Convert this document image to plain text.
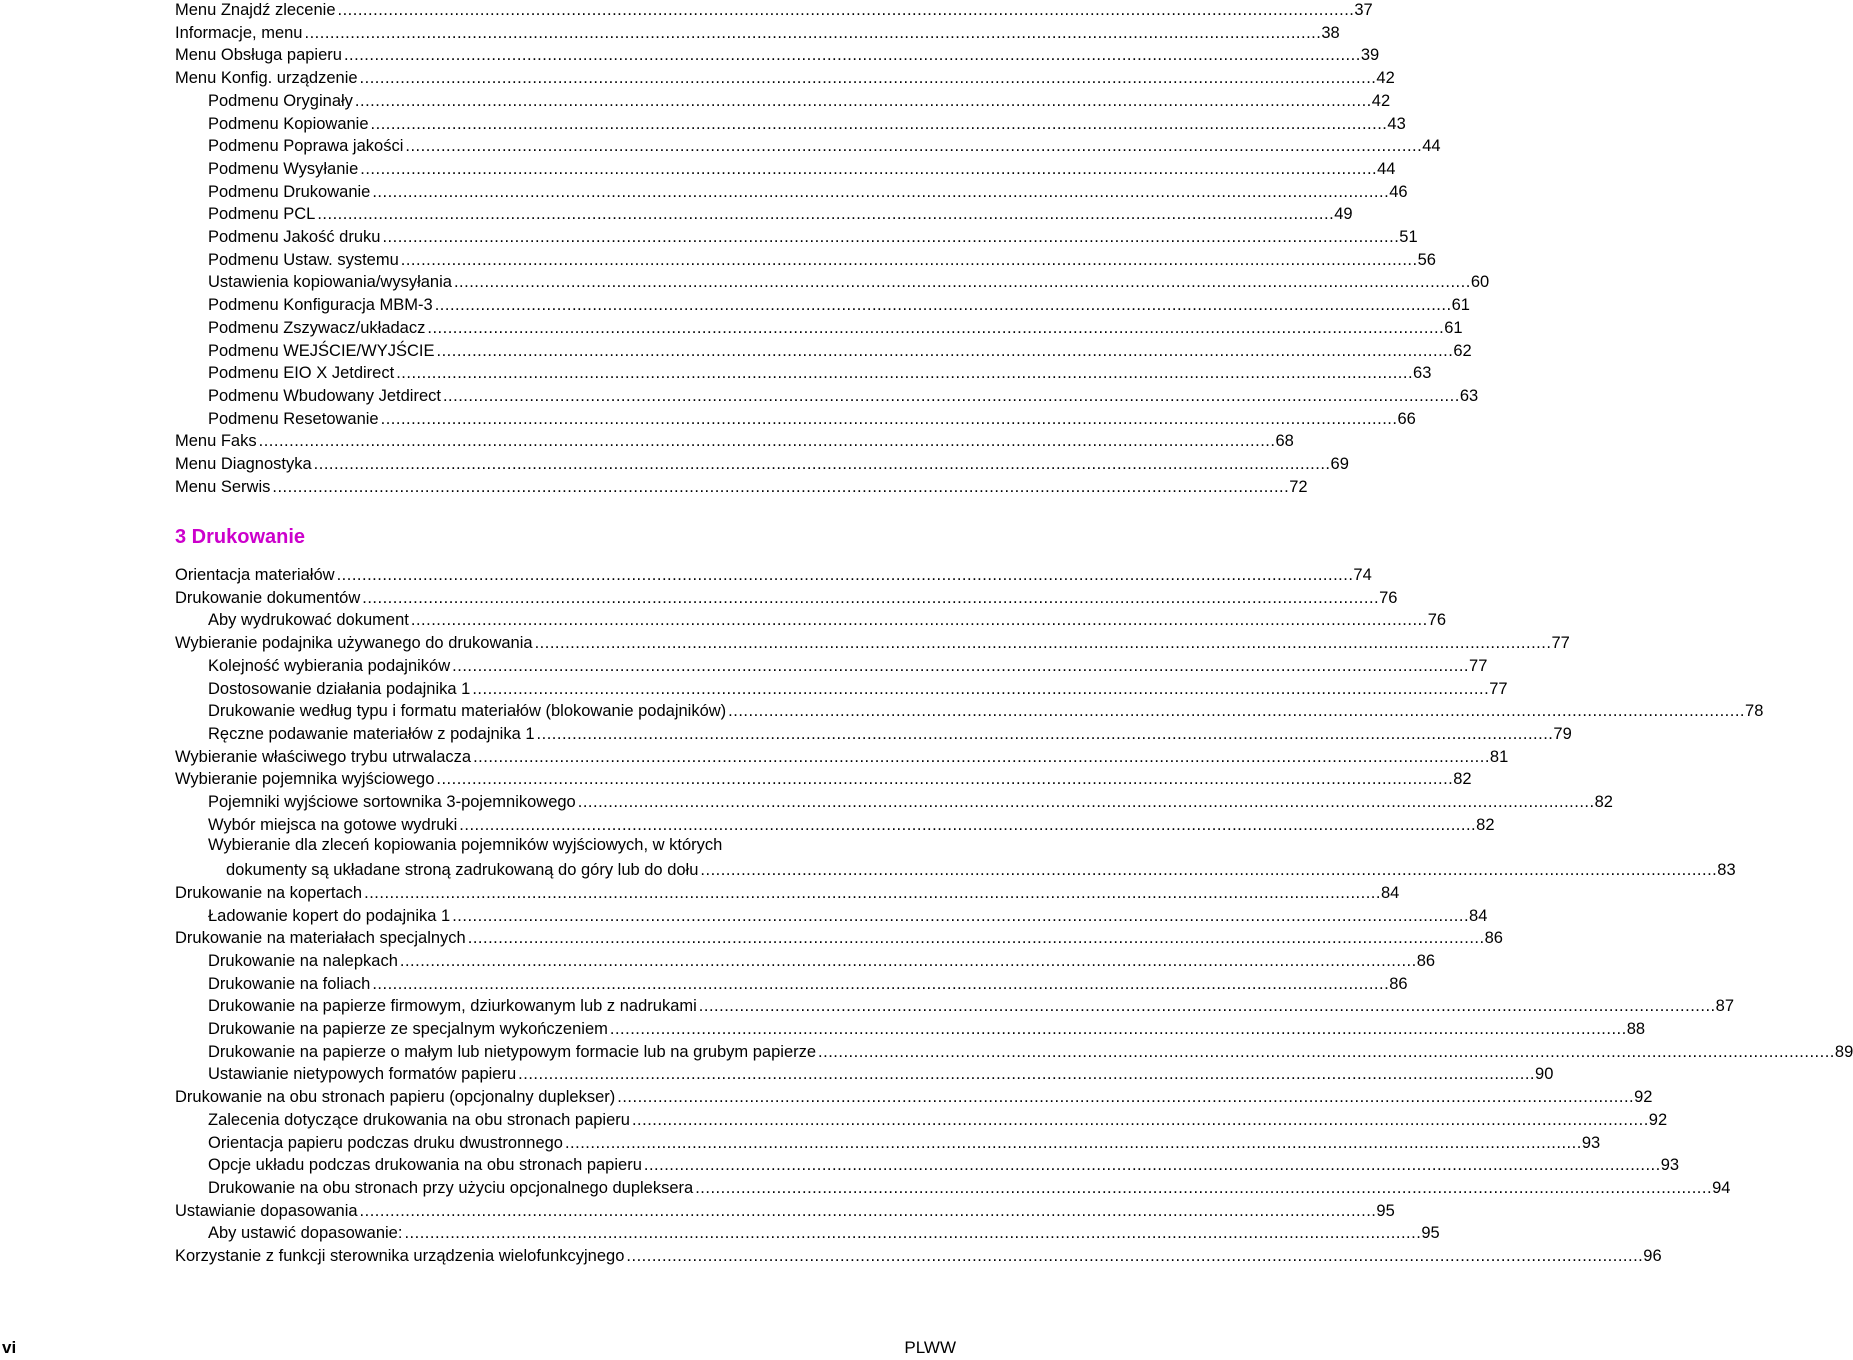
Menu Znajdź zlecenie ........................................................................................................................................................................................................ 37
Informacje, menu ........................................................................................................................................................................................................ 38
Menu Obsługa papieru ........................................................................................................................................................................................................ 39
Menu Konfig. urządzenie ........................................................................................................................................................................................................ 42
Podmenu Oryginały ........................................................................................................................................................................................................ 42
Podmenu Kopiowanie ........................................................................................................................................................................................................ 43
Podmenu Poprawa jakości ........................................................................................................................................................................................................ 44
Podmenu Wysyłanie ........................................................................................................................................................................................................ 44
Podmenu Drukowanie ........................................................................................................................................................................................................ 46
Podmenu PCL ........................................................................................................................................................................................................ 49
Podmenu Jakość druku ........................................................................................................................................................................................................ 51
Podmenu Ustaw. systemu ........................................................................................................................................................................................................ 56
Ustawienia kopiowania/wysyłania ........................................................................................................................................................................................................ 60
Podmenu Konfiguracja MBM-3 ........................................................................................................................................................................................................ 61
Podmenu Zszywacz/układacz ........................................................................................................................................................................................................ 61
Podmenu WEJŚCIE/WYJŚCIE ........................................................................................................................................................................................................ 62
Podmenu EIO X Jetdirect ........................................................................................................................................................................................................ 63
Podmenu Wbudowany Jetdirect ........................................................................................................................................................................................................ 63
Podmenu Resetowanie ........................................................................................................................................................................................................ 66
Menu Faks ........................................................................................................................................................................................................ 68
Menu Diagnostyka ........................................................................................................................................................................................................ 69
Menu Serwis ........................................................................................................................................................................................................ 72
3 Drukowanie
Orientacja materiałów ........................................................................................................................................................................................................ 74
Drukowanie dokumentów ........................................................................................................................................................................................................ 76
Aby wydrukować dokument ........................................................................................................................................................................................................ 76
Wybieranie podajnika używanego do drukowania ........................................................................................................................................................................................................ 77
Kolejność wybierania podajników ........................................................................................................................................................................................................ 77
Dostosowanie działania podajnika 1 ........................................................................................................................................................................................................ 77
Drukowanie według typu i formatu materiałów (blokowanie podajników) ........................................................................................................................................................................................................ 78
Ręczne podawanie materiałów z podajnika 1 ........................................................................................................................................................................................................ 79
Wybieranie właściwego trybu utrwalacza ........................................................................................................................................................................................................ 81
Wybieranie pojemnika wyjściowego ........................................................................................................................................................................................................ 82
Pojemniki wyjściowe sortownika 3-pojemnikowego ........................................................................................................................................................................................................ 82
Wybór miejsca na gotowe wydruki ........................................................................................................................................................................................................ 82
Wybieranie dla zleceń kopiowania pojemników wyjściowych, w których
dokumenty są układane stroną zadrukowaną do góry lub do dołu ........................................................................................................................................................................................................ 83
Drukowanie na kopertach ........................................................................................................................................................................................................ 84
Ładowanie kopert do podajnika 1 ........................................................................................................................................................................................................ 84
Drukowanie na materiałach specjalnych ........................................................................................................................................................................................................ 86
Drukowanie na nalepkach ........................................................................................................................................................................................................ 86
Drukowanie na foliach ........................................................................................................................................................................................................ 86
Drukowanie na papierze firmowym, dziurkowanym lub z nadrukami ........................................................................................................................................................................................................ 87
Drukowanie na papierze ze specjalnym wykończeniem ........................................................................................................................................................................................................ 88
Drukowanie na papierze o małym lub nietypowym formacie lub na grubym papierze ........................................................................................................................................................................................................ 89
Ustawianie nietypowych formatów papieru ........................................................................................................................................................................................................ 90
Drukowanie na obu stronach papieru (opcjonalny duplekser) ........................................................................................................................................................................................................ 92
Zalecenia dotyczące drukowania na obu stronach papieru ........................................................................................................................................................................................................ 92
Orientacja papieru podczas druku dwustronnego ........................................................................................................................................................................................................ 93
Opcje układu podczas drukowania na obu stronach papieru ........................................................................................................................................................................................................ 93
Drukowanie na obu stronach przy użyciu opcjonalnego dupleksera ........................................................................................................................................................................................................ 94
Ustawianie dopasowania ........................................................................................................................................................................................................ 95
Aby ustawić dopasowanie: ........................................................................................................................................................................................................ 95
Korzystanie z funkcji sterownika urządzenia wielofunkcyjnego ........................................................................................................................................................................................................ 96
vi	PLWW
